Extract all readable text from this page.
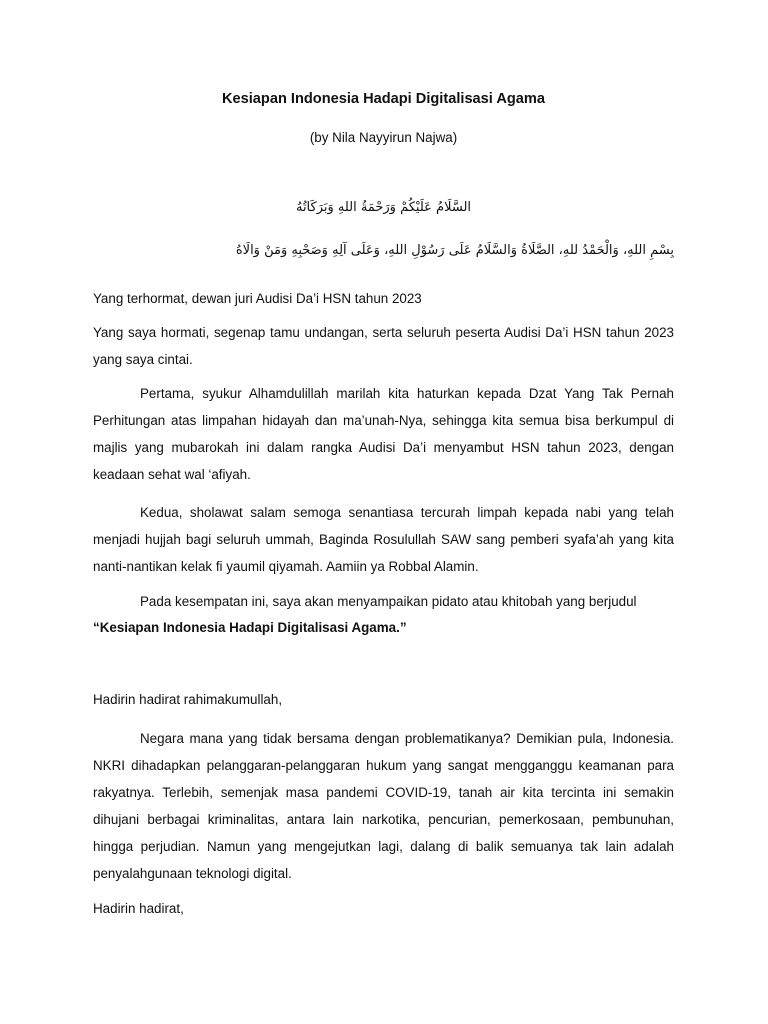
Kesiapan Indonesia Hadapi Digitalisasi Agama

(by Nila Nayyirun Najwa)

السَّلَامُ عَلَيْكُمْ وَرَحْمَةُ اللهِ وَبَرَكَاتُهُ

بِسْمِ اللهِ، وَالْحَمْدُ للهِ، الصَّلَاةُ وَالسَّلَامُ عَلَى رَسُوْلِ اللهِ، وَعَلَى آلِهِ وَصَحْبِهِ وَمَنْ وَالَاهُ

Yang terhormat, dewan juri Audisi Da’i HSN tahun 2023

Yang saya hormati, segenap tamu undangan, serta seluruh peserta Audisi Da’i HSN tahun 2023 yang saya cintai.

Pertama, syukur Alhamdulillah marilah kita haturkan kepada Dzat Yang Tak Pernah Perhitungan atas limpahan hidayah dan ma’unah-Nya, sehingga kita semua bisa berkumpul di majlis yang mubarokah ini dalam rangka Audisi Da’i menyambut HSN tahun 2023, dengan keadaan sehat wal ‘afiyah.

Kedua, sholawat salam semoga senantiasa tercurah limpah kepada nabi yang telah menjadi hujjah bagi seluruh ummah, Baginda Rosulullah SAW sang pemberi syafa’ah yang kita nanti-nantikan kelak fi yaumil qiyamah. Aamiin ya Robbal Alamin.

Pada kesempatan ini, saya akan menyampaikan pidato atau khitobah yang berjudul

“Kesiapan Indonesia Hadapi Digitalisasi Agama.”

Hadirin hadirat rahimakumullah,

Negara mana yang tidak bersama dengan problematikanya? Demikian pula, Indonesia. NKRI dihadapkan pelanggaran-pelanggaran hukum yang sangat mengganggu keamanan para rakyatnya. Terlebih, semenjak masa pandemi COVID-19, tanah air kita tercinta ini semakin dihujani berbagai kriminalitas, antara lain narkotika, pencurian, pemerkosaan, pembunuhan, hingga perjudian. Namun yang mengejutkan lagi, dalang di balik semuanya tak lain adalah penyalahgunaan teknologi digital.

Hadirin hadirat,
